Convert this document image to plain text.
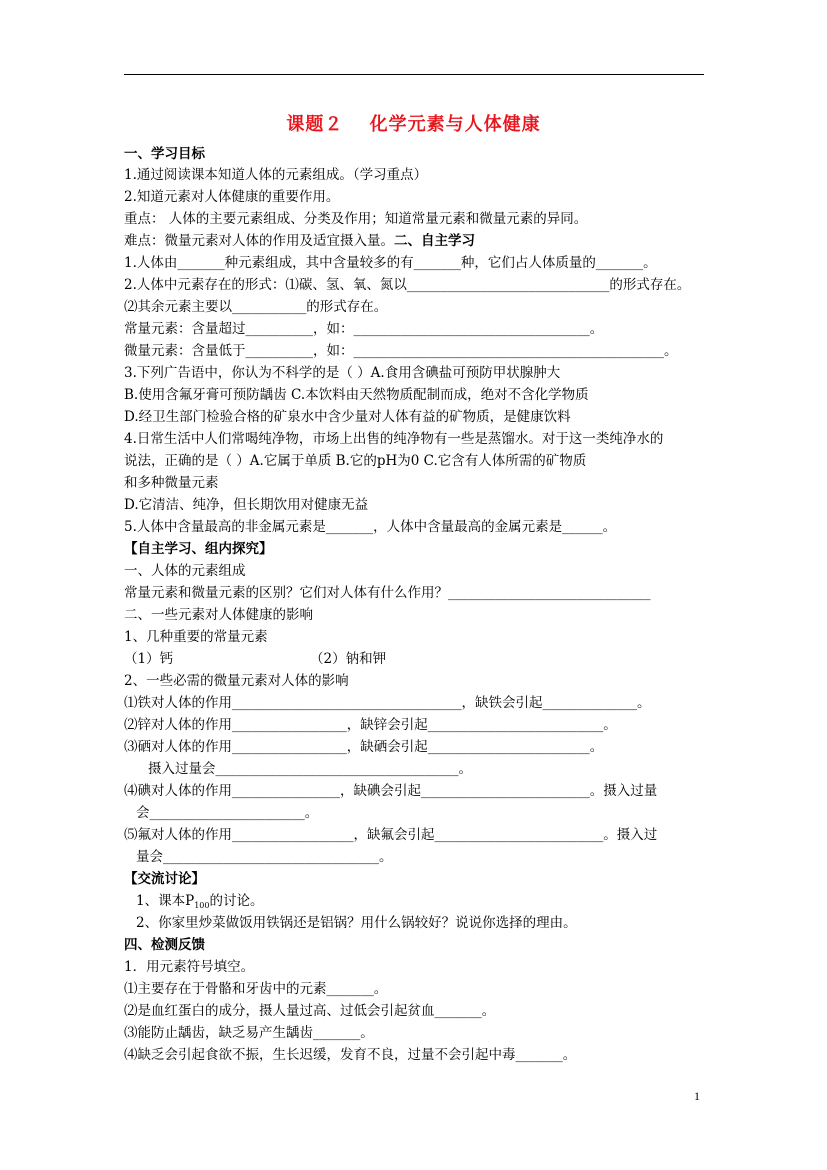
课题２　 化学元素与人体健康
一、学习目标
1.通过阅读课本知道人体的元素组成。（学习重点）
2.知道元素对人体健康的重要作用。
重点： 人体的主要元素组成、分类及作用；知道常量元素和微量元素的异同。
难点：微量元素对人体的作用及适宜摄入量。二、自主学习
1.人体由_______种元素组成，其中含量较多的有_______种，它们占人体质量的_______。
2.人体中元素存在的形式：⑴碳、氢、氧、氮以______________________________的形式存在。
⑵其余元素主要以___________的形式存在。
常量元素：含量超过__________，如：___________________________________。
微量元素：含量低于__________，如：______________________________________________。
3.下列广告语中，你认为不科学的是（ ）A.食用含碘盐可预防甲状腺肿大
B.使用含氟牙膏可预防龋齿 C.本饮料由天然物质配制而成，绝对不含化学物质
D.经卫生部门检验合格的矿泉水中含少量对人体有益的矿物质，是健康饮料
4.日常生活中人们常喝纯净物，市场上出售的纯净物有一些是蒸馏水。对于这一类纯净水的
说法，正确的是（ ）A.它属于单质 B.它的pH为0 C.它含有人体所需的矿物质
和多种微量元素
D.它清洁、纯净，但长期饮用对健康无益
5.人体中含量最高的非金属元素是_______，人体中含量最高的金属元素是______。
【自主学习、组内探究】
一、人体的元素组成
常量元素和微量元素的区别？它们对人体有什么作用？______________________________
二、一些元素对人体健康的影响
1、几种重要的常量元素
（1）钙	（2）钠和钾
2、一些必需的微量元素对人体的影响
⑴铁对人体的作用__________________________________，缺铁会引起______________。
⑵锌对人体的作用_________________，缺锌会引起__________________________。
⑶硒对人体的作用_________________，缺硒会引起________________________。
摄入过量会____________________________________。
⑷碘对人体的作用________________，缺碘会引起_________________________。摄入过量
会_______________________。
⑸氟对人体的作用__________________，缺氟会引起_________________________。摄入过
量会________________________________。
【交流讨论】
1、课本$P_{100}$的讨论。
2、你家里炒菜做饭用铁锅还是铝锅？用什么锅较好？说说你选择的理由。
四、检测反馈
1．用元素符号填空。
⑴主要存在于骨骼和牙齿中的元素_______。
⑵是血红蛋白的成分，摄人量过高、过低会引起贫血_______。
⑶能防止龋齿，缺乏易产生龋齿_______。
⑷缺乏会引起食欲不振，生长迟缓，发育不良，过量不会引起中毒_______。
1
